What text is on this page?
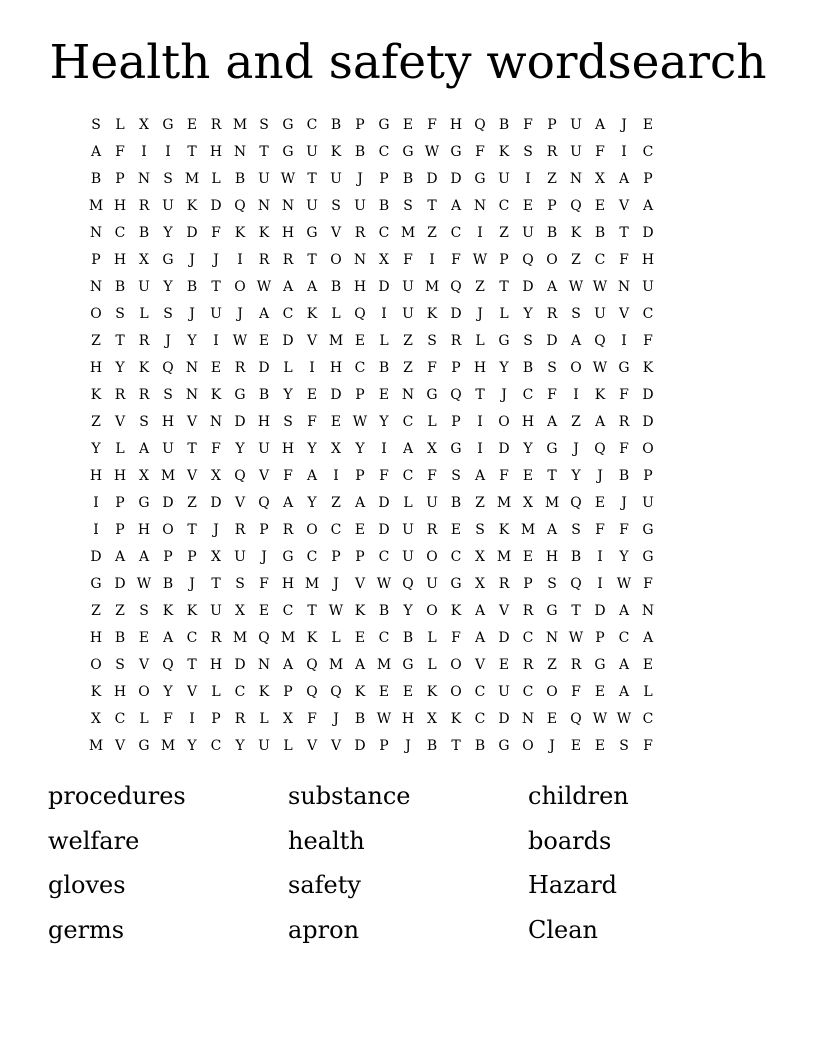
Health and safety wordsearch
S	L	X G E R M S G C B	P G E	F H Q B	F	P U A	J	E
A	F	I	I	T H N T G U K B C G W G F K S R U F	I	C
B	P N S M L	B U W T U	J	P	B D D G U	I	Z N X A	P
M H R U K D Q N N U S U B	S	T	A N C E	P Q E V A
N C B	Y D F K K H G V R C M Z C	I	Z U B K B	T D
P H X G	J	J	I	R R	T O N X	F	I	F W P Q O Z C F H
N B U Y	B	T O W A A B H D U M Q Z	T D A W W N U
O S	L	S	J	U	J	A C K	L Q	I	U K D	J	L	Y	R S U V C
Z	T	R	J	Y	I	W E D V M E	L	Z	S R	L G S D A Q	I	F
H Y	K Q N E R D L	I	H C B Z	F	P H Y	B	S O W G K
K R R S N K G B	Y	E D P	E N G Q T	J	C F	I	K F D
Z	V	S H V N D H S	F	E W Y	C L	P	I	O H A	Z	A R D
Y	L	A U T	F	Y U H Y	X	Y	I	A X G	I	D Y G	J	Q F O
H H X M V X Q V	F	A	I	P	F C F	S	A	F	E	T	Y	J	B	P
I	P G D Z D V Q A	Y	Z	A D L U B Z M X M Q E	J	U
I	P H O T	J	R	P	R O C E D U R E	S K M A	S	F	F G
D A A	P	P	X U	J	G C P	P C U O C X M E H B	I	Y G
G D W B	J	T	S	F H M	J	V W Q U G X R	P	S Q	I	W F
Z	Z	S K K U X E C T W K B	Y O K A V R G T D A N
H B E A C R M Q M K	L	E C B	L	F	A D C N W P C A
O S	V Q T H D N A Q M A M G L O V E R Z R G A E
K H O Y	V	L	C K	P Q Q K E E K O C U C O F	E A	L
X C L	F	I	P	R	L	X	F	J	B W H X K C D N E Q W W C
M V G M Y	C	Y U L	V V D P	J	B	T	B G O	J	E E	S	F
procedures	substance	children
welfare	health	boards
gloves	safety	Hazard
germs	apron	Clean
